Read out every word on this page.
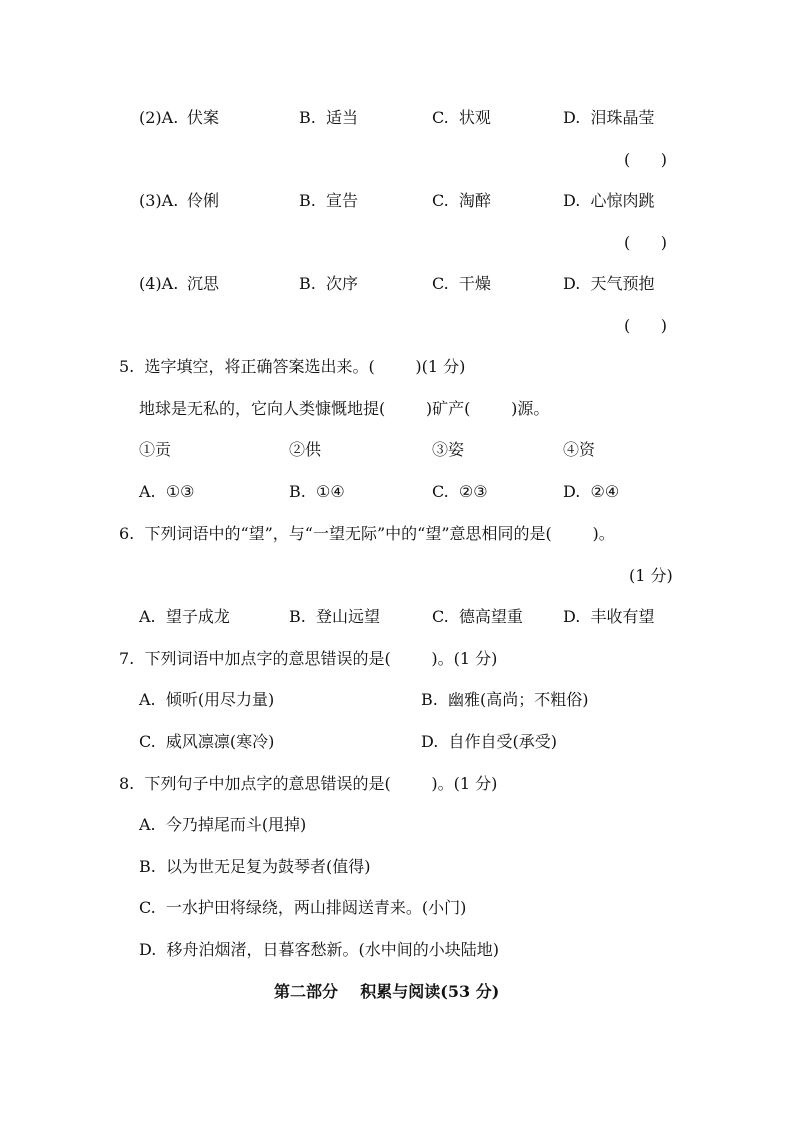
(2)A. 伏案	B.  适当	C.  状观	D.  泪珠晶莹
(      )
(3)A. 伶俐	B.  宣告	C.  淘醉	D.  心惊肉跳
(      )
(4)A. 沉思	B.  次序	C.  干燥	D.  天气预抱
(      )
5.  选字填空，将正确答案选出来。(        )(1 分)
地球是无私的，它向人类慷慨地提(        )矿产(        )源。
①贡	②供	③姿	④资
A.  ①③	B.  ①④	C.  ②③	D.  ②④
6.  下列词语中的“望”，与“一望无际”中的“望”意思相同的是(        )。
(1 分)
A.  望子成龙	B.  登山远望	C.  德高望重	D.  丰收有望
7.  下列词语中加点字的意思错误的是(        )。(1 分)
A.  倾听(用尽力量)	B.  幽雅(高尚；不粗俗)
C.  威风凛凛(寒冷)	D.  自作自受(承受)
8.  下列句子中加点字的意思错误的是(        )。(1 分)
A.  今乃掉尾而斗(甩掉)
B.  以为世无足复为鼓琴者(值得)
C.  一水护田将绿绕，两山排闼送青来。(小门)
D.  移舟泊烟渚，日暮客愁新。(水中间的小块陆地)
第二部分    积累与阅读(53 分)
